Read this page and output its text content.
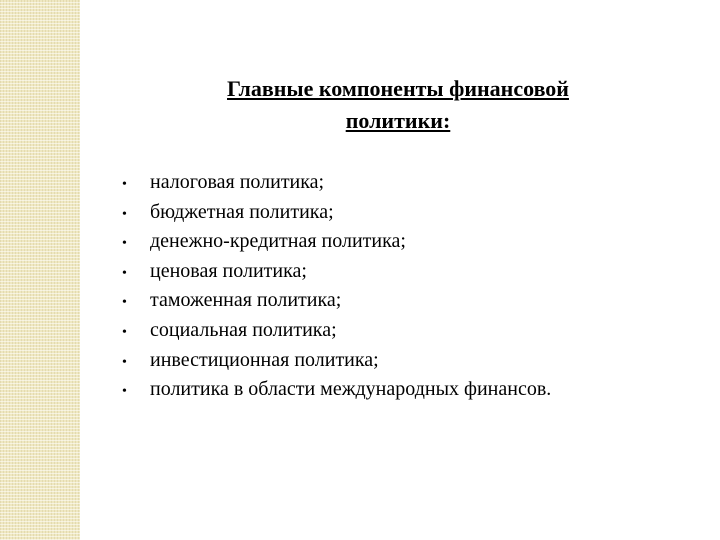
Главные компоненты финансовой
политики:
•	налоговая политика;
•	бюджетная политика;
•	денежно-кредитная политика;
•	ценовая политика;
•	таможенная политика;
•	социальная политика;
•	инвестиционная политика;
•	политика в области международных финансов.
